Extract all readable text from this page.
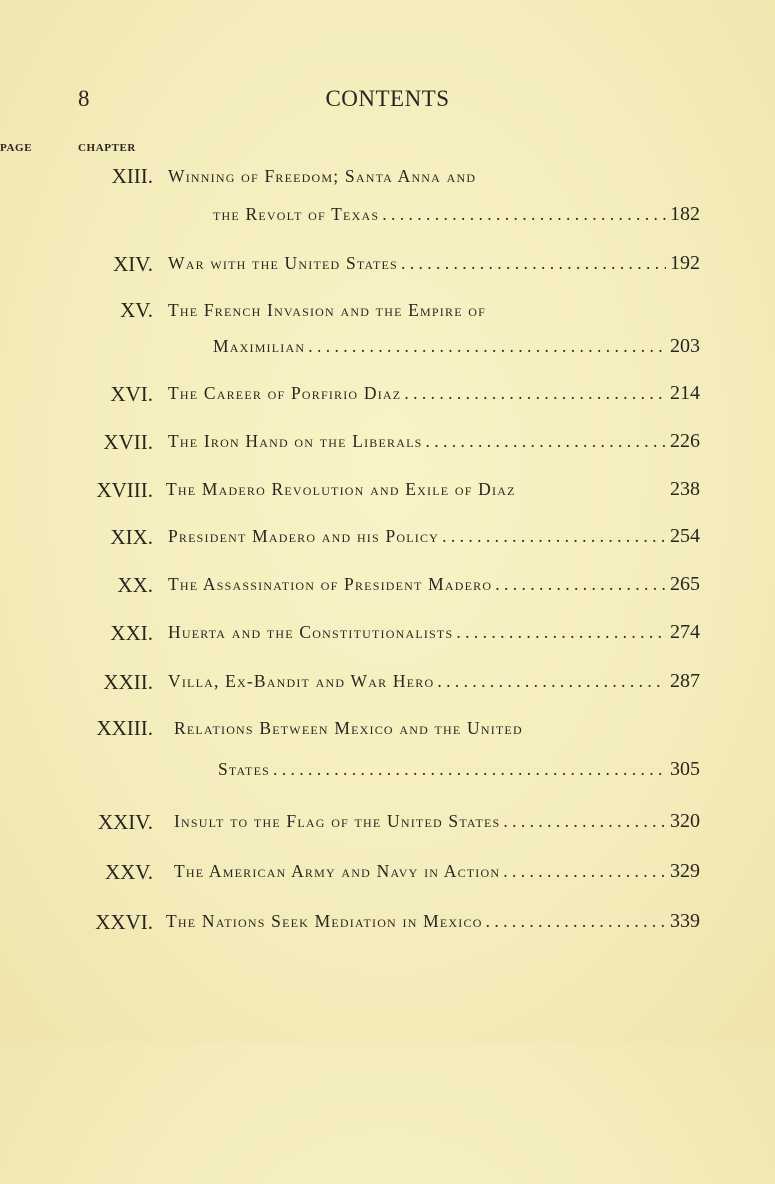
8	CONTENTS
CHAPTER
PAGE
XIII. Winning of Freedom; Santa Anna and
the Revolt of Texas . . .	182
XIV. War with the United States . . .	192
XV. The French Invasion and the Empire of
Maximilian . . .	203
XVI. The Career of Porfirio Diaz . . .	214
XVII. The Iron Hand on the Liberals . . .	226
XVIII. The Madero Revolution and Exile of Diaz	238
XIX. President Madero and his Policy . . .	254
XX. The Assassination of President Madero . . .	265
XXI. Huerta and the Constitutionalists . . .	274
XXII. Villa, Ex-Bandit and War Hero . . .	287
XXIII. Relations Between Mexico and the United
States . . .	305
XXIV. Insult to the Flag of the United States . . .	320
XXV. The American Army and Navy in Action . . .	329
XXVI. The Nations Seek Mediation in Mexico . . .	339
